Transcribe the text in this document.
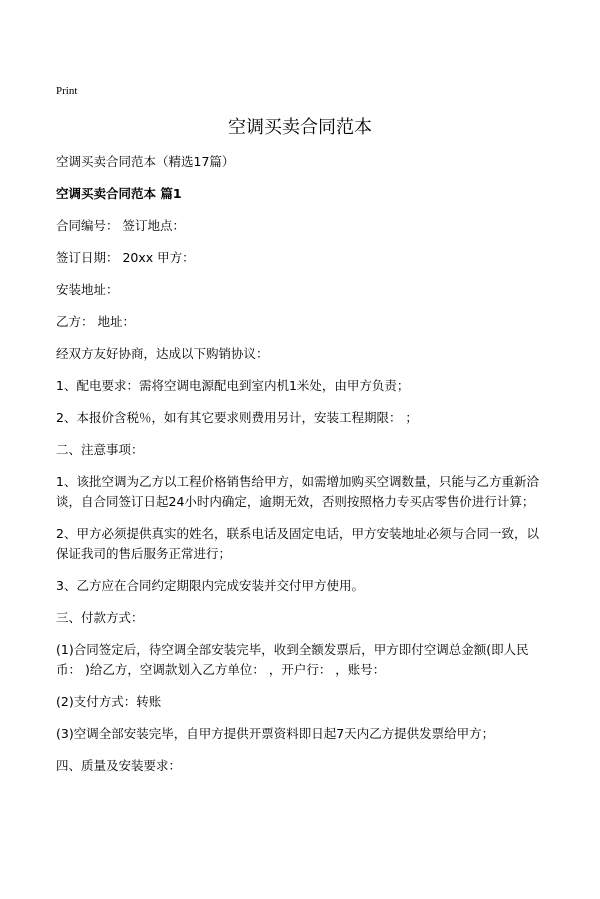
Print
空调买卖合同范本

空调买卖合同范本（精选17篇）

空调买卖合同范本 篇1

合同编号： 签订地点：

签订日期： 20xx 甲方：

安装地址：

乙方： 地址：

经双方友好协商，达成以下购销协议：

1、配电要求：需将空调电源配电到室内机1米处，由甲方负责；

2、本报价含税％，如有其它要求则费用另计，安装工程期限： ；

二、注意事项：

1、该批空调为乙方以工程价格销售给甲方，如需增加购买空调数量，只能与乙方重新洽谈，自合同签订日起24小时内确定，逾期无效，否则按照格力专买店零售价进行计算；

2、甲方必须提供真实的姓名，联系电话及固定电话，甲方安装地址必须与合同一致，以保证我司的售后服务正常进行；

3、乙方应在合同约定期限内完成安装并交付甲方使用。

三、付款方式：

(1)合同签定后，待空调全部安装完毕，收到全额发票后，甲方即付空调总金额(即人民币： )给乙方，空调款划入乙方单位： ，开户行： ，账号：

(2)支付方式：转账

(3)空调全部安装完毕，自甲方提供开票资料即日起7天内乙方提供发票给甲方；

四、质量及安装要求：
